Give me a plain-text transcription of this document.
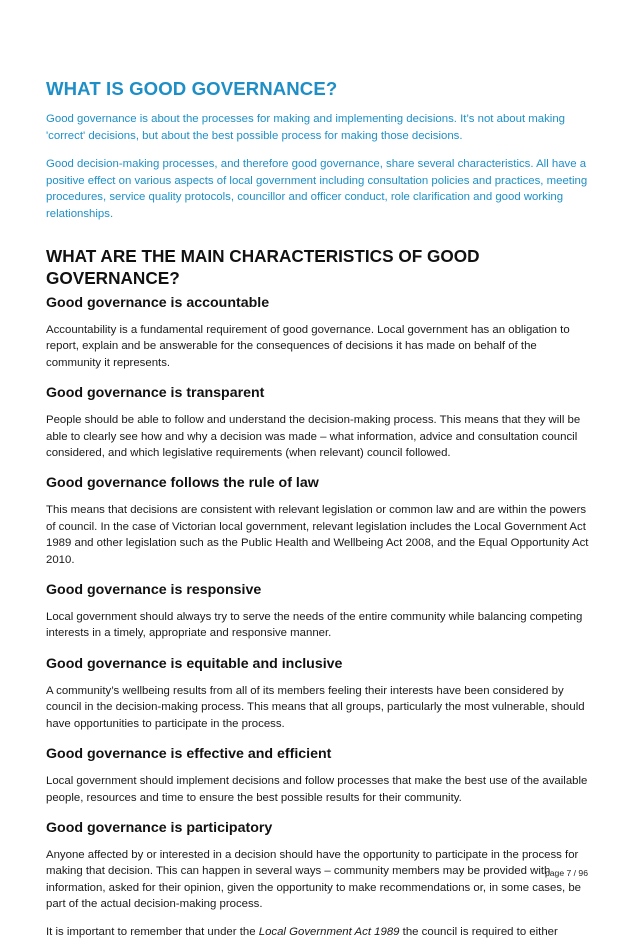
WHAT IS GOOD GOVERNANCE?

Good governance is about the processes for making and implementing decisions. It’s not about making 'correct' decisions, but about the best possible process for making those decisions.

Good decision-making processes, and therefore good governance, share several characteristics. All have a positive effect on various aspects of local government including consultation policies and practices, meeting procedures, service quality protocols, councillor and officer conduct, role clarification and good working relationships.

WHAT ARE THE MAIN CHARACTERISTICS OF GOOD GOVERNANCE?
Good governance is accountable

Accountability is a fundamental requirement of good governance. Local government has an obligation to report, explain and be answerable for the consequences of decisions it has made on behalf of the community it represents.

Good governance is transparent

People should be able to follow and understand the decision-making process. This means that they will be able to clearly see how and why a decision was made – what information, advice and consultation council considered, and which legislative requirements (when relevant) council followed.

Good governance follows the rule of law

This means that decisions are consistent with relevant legislation or common law and are within the powers of council. In the case of Victorian local government, relevant legislation includes the Local Government Act 1989 and other legislation such as the Public Health and Wellbeing Act 2008, and the Equal Opportunity Act 2010.

Good governance is responsive

Local government should always try to serve the needs of the entire community while balancing competing interests in a timely, appropriate and responsive manner.

Good governance is equitable and inclusive

A community’s wellbeing results from all of its members feeling their interests have been considered by council in the decision-making process. This means that all groups, particularly the most vulnerable, should have opportunities to participate in the process.

Good governance is effective and efficient

Local government should implement decisions and follow processes that make the best use of the available people, resources and time to ensure the best possible results for their community.

Good governance is participatory

Anyone affected by or interested in a decision should have the opportunity to participate in the process for making that decision. This can happen in several ways – community members may be provided with information, asked for their opinion, given the opportunity to make recommendations or, in some cases, be part of the actual decision-making process.

It is important to remember that under the Local Government Act 1989 the council is required to either

page 7 / 96
